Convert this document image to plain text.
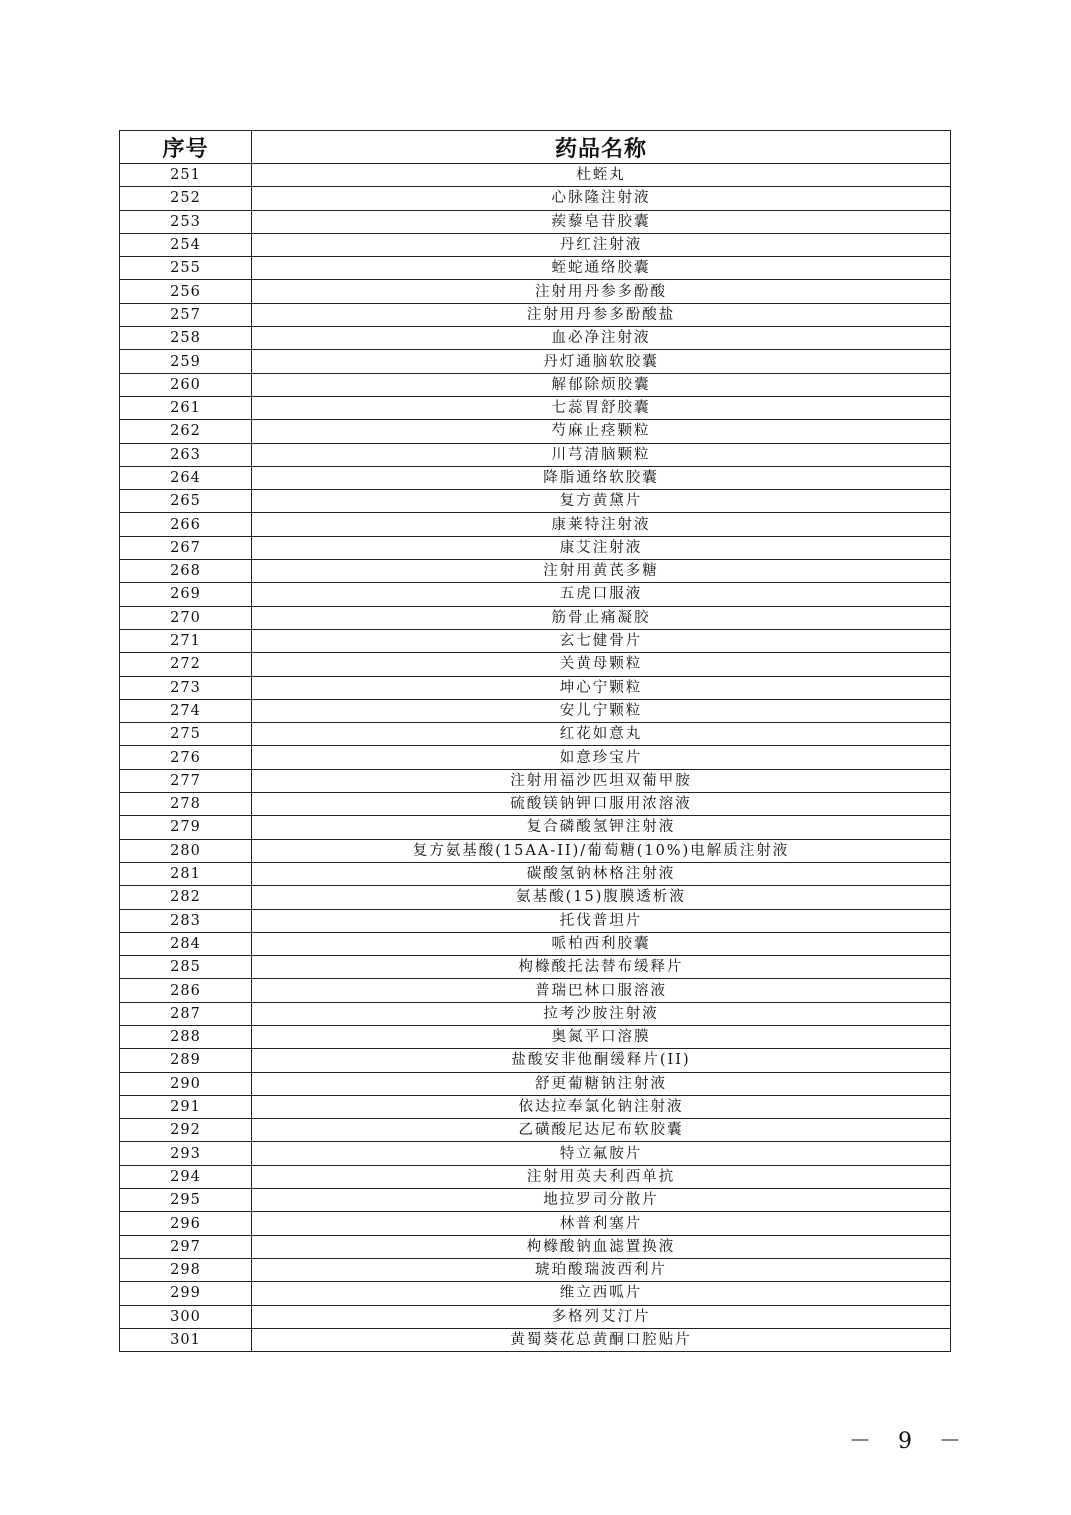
序号	药品名称
251	杜蛭丸
252	心脉隆注射液
253	蒺藜皂苷胶囊
254	丹红注射液
255	蛭蛇通络胶囊
256	注射用丹参多酚酸
257	注射用丹参多酚酸盐
258	血必净注射液
259	丹灯通脑软胶囊
260	解郁除烦胶囊
261	七蕊胃舒胶囊
262	芍麻止痉颗粒
263	川芎清脑颗粒
264	降脂通络软胶囊
265	复方黄黛片
266	康莱特注射液
267	康艾注射液
268	注射用黄芪多糖
269	五虎口服液
270	筋骨止痛凝胶
271	玄七健骨片
272	关黄母颗粒
273	坤心宁颗粒
274	安儿宁颗粒
275	红花如意丸
276	如意珍宝片
277	注射用福沙匹坦双葡甲胺
278	硫酸镁钠钾口服用浓溶液
279	复合磷酸氢钾注射液
280	复方氨基酸(15AA-II)/葡萄糖(10%)电解质注射液
281	碳酸氢钠林格注射液
282	氨基酸(15)腹膜透析液
283	托伐普坦片
284	哌柏西利胶囊
285	枸橼酸托法替布缓释片
286	普瑞巴林口服溶液
287	拉考沙胺注射液
288	奥氮平口溶膜
289	盐酸安非他酮缓释片(II)
290	舒更葡糖钠注射液
291	依达拉奉氯化钠注射液
292	乙磺酸尼达尼布软胶囊
293	特立氟胺片
294	注射用英夫利西单抗
295	地拉罗司分散片
296	林普利塞片
297	枸橼酸钠血滤置换液
298	琥珀酸瑞波西利片
299	维立西呱片
300	多格列艾汀片
301	黄蜀葵花总黄酮口腔贴片
－ 9 －
